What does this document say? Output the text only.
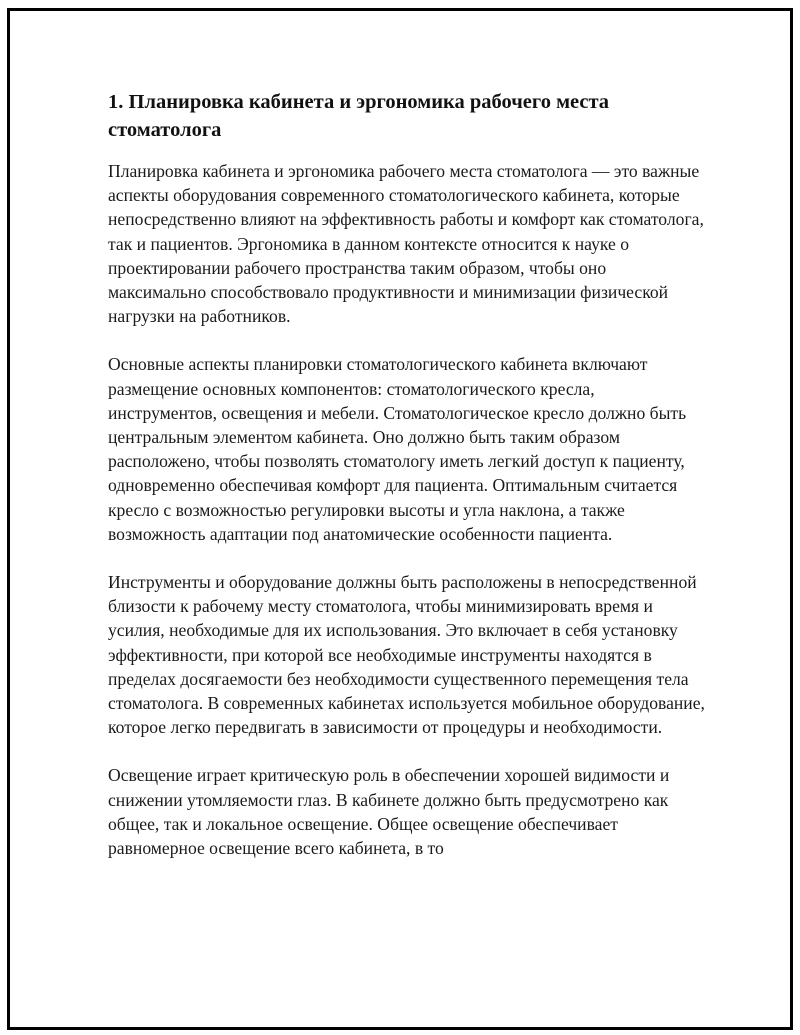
1. Планировка кабинета и эргономика рабочего места стоматолога

Планировка кабинета и эргономика рабочего места стоматолога — это важные аспекты оборудования современного стоматологического кабинета, которые непосредственно влияют на эффективность работы и комфорт как стоматолога, так и пациентов. Эргономика в данном контексте относится к науке о проектировании рабочего пространства таким образом, чтобы оно максимально способствовало продуктивности и минимизации физической нагрузки на работников.

Основные аспекты планировки стоматологического кабинета включают размещение основных компонентов: стоматологического кресла, инструментов, освещения и мебели. Стоматологическое кресло должно быть центральным элементом кабинета. Оно должно быть таким образом расположено, чтобы позволять стоматологу иметь легкий доступ к пациенту, одновременно обеспечивая комфорт для пациента. Оптимальным считается кресло с возможностью регулировки высоты и угла наклона, а также возможность адаптации под анатомические особенности пациента.

Инструменты и оборудование должны быть расположены в непосредственной близости к рабочему месту стоматолога, чтобы минимизировать время и усилия, необходимые для их использования. Это включает в себя установку эффективности, при которой все необходимые инструменты находятся в пределах досягаемости без необходимости существенного перемещения тела стоматолога. В современных кабинетах используется мобильное оборудование, которое легко передвигать в зависимости от процедуры и необходимости.

Освещение играет критическую роль в обеспечении хорошей видимости и снижении утомляемости глаз. В кабинете должно быть предусмотрено как общее, так и локальное освещение. Общее освещение обеспечивает равномерное освещение всего кабинета, в то
